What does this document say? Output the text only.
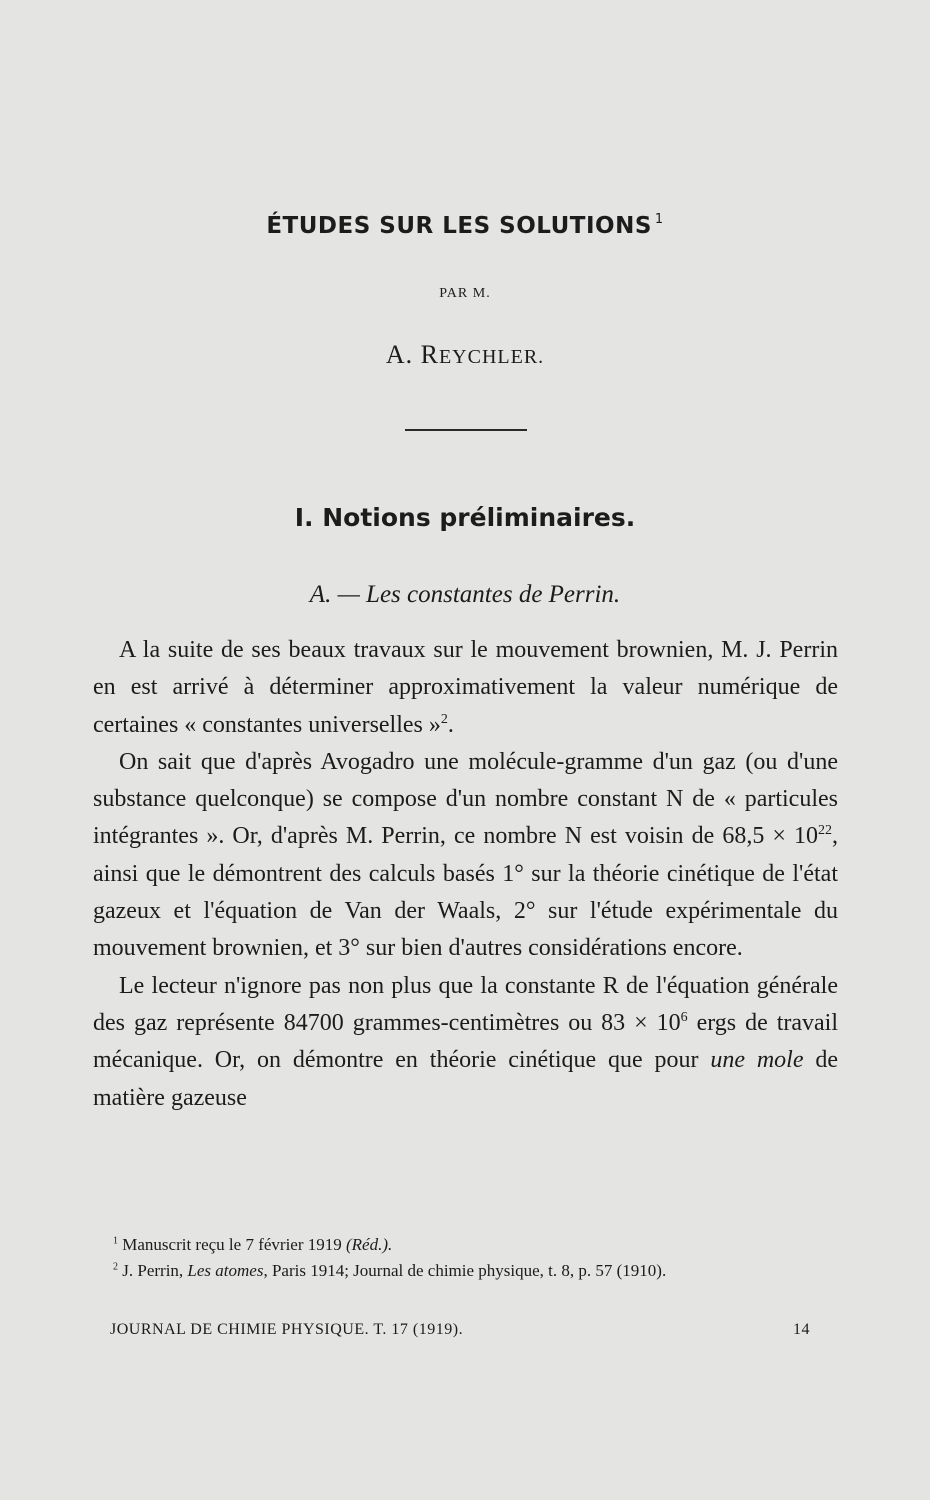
ÉTUDES SUR LES SOLUTIONS $^1$
PAR M.
A. REYCHLER.
I. Notions préliminaires.
A. — Les constantes de Perrin.

A la suite de ses beaux travaux sur le mouvement brownien, M. J. Perrin en est arrivé à déterminer approximativement la valeur numérique de certaines « constantes universelles »$^2$.

On sait que d'après Avogadro une molécule-gramme d'un gaz (ou d'une substance quelconque) se compose d'un nombre constant N de « particules intégrantes ». Or, d'après M. Perrin, ce nombre N est voisin de $68,5 \times 10^{22}$, ainsi que le démontrent des calculs basés 1° sur la théorie cinétique de l'état gazeux et l'équation de Van der Waals, 2° sur l'étude expérimentale du mouvement brownien, et 3° sur bien d'autres considérations encore.

Le lecteur n'ignore pas non plus que la constante R de l'équation générale des gaz représente 84700 grammes-centimètres ou $83 \times 10^6$ ergs de travail mécanique. Or, on démontre en théorie cinétique que pour une mole de matière gazeuse

$^1$ Manuscrit reçu le 7 février 1919 (Réd.).

$^2$ J. Perrin, Les atomes, Paris 1914; Journal de chimie physique, t. 8, p. 57 (1910).

JOURNAL DE CHIMIE PHYSIQUE. T. 17 (1919).	14
